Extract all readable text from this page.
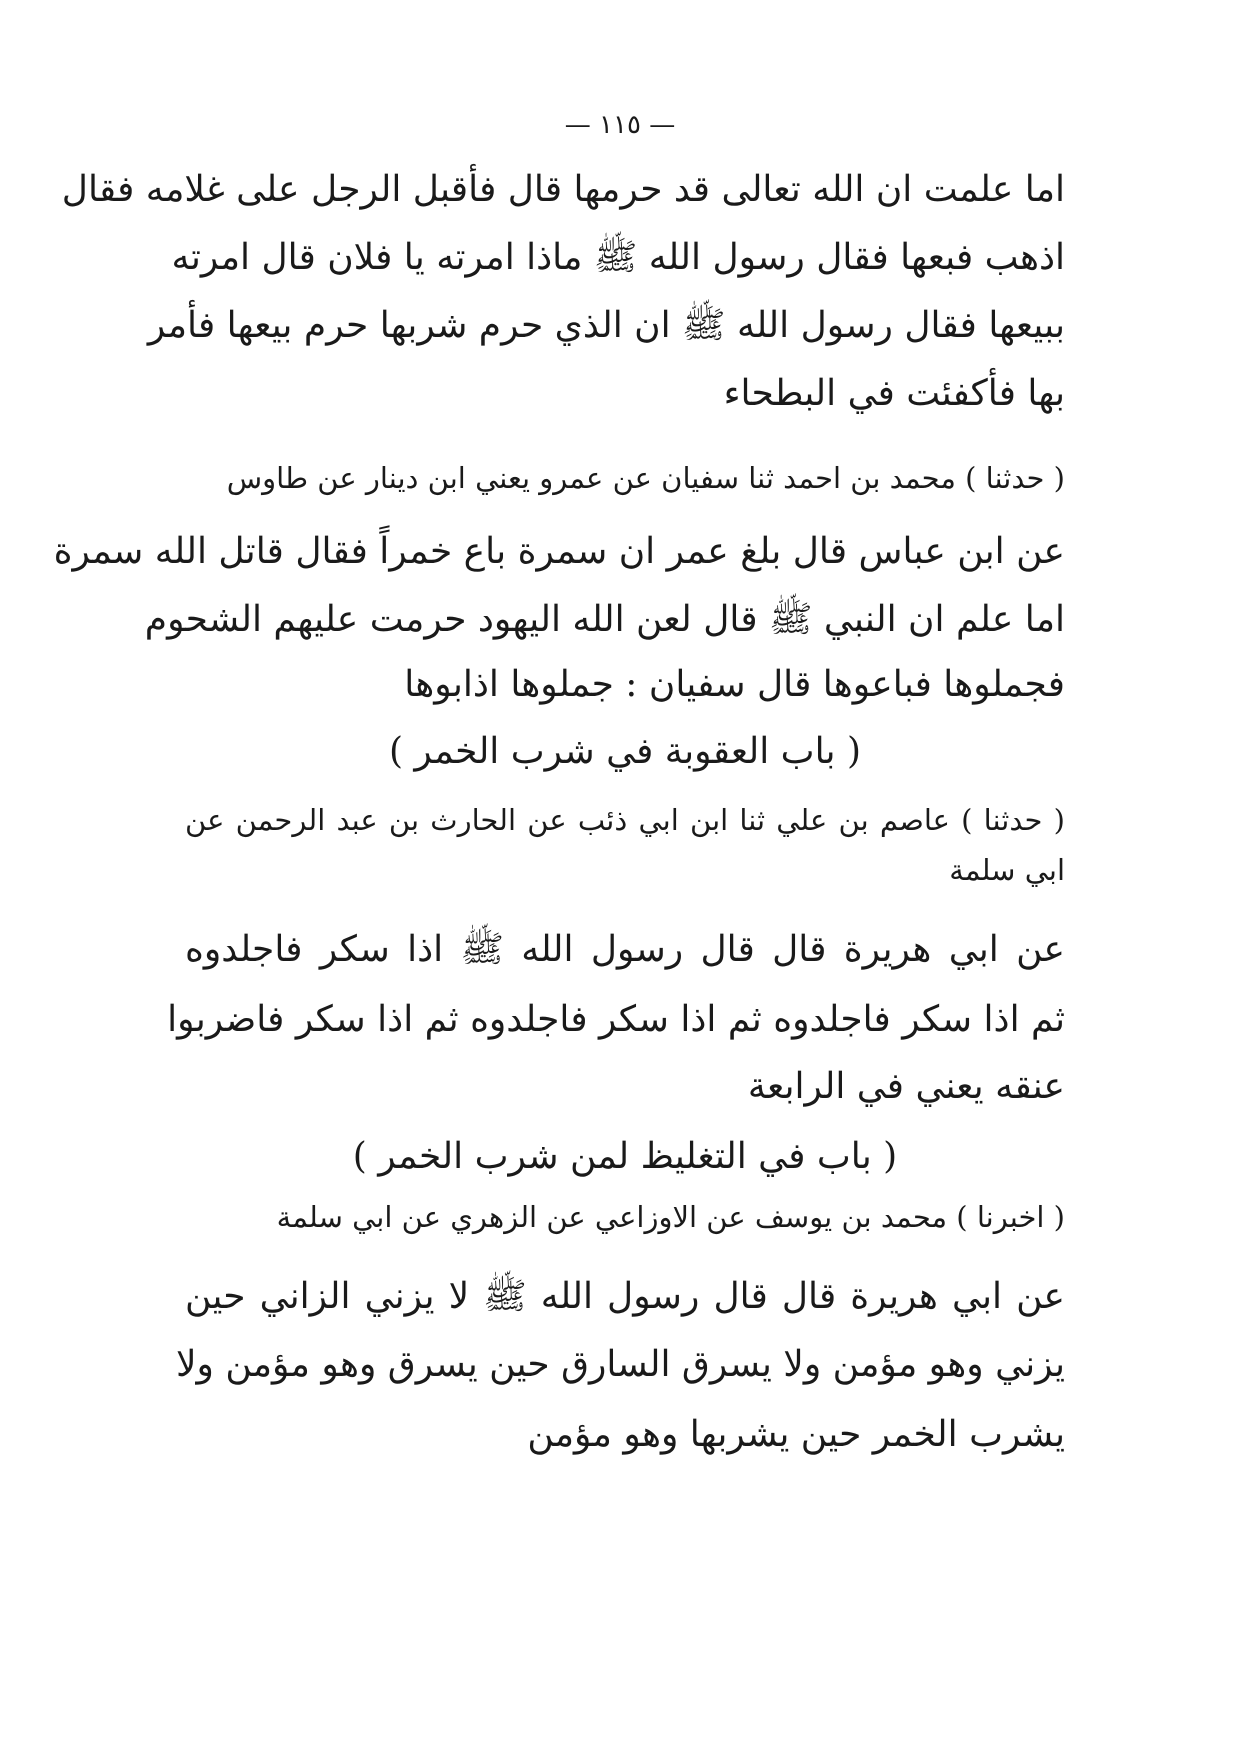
— ١١٥ —
اما علمت ان الله تعالى قد حرمها قال فأقبل الرجل على غلامه فقال
اذهب فبعها فقال رسول الله ﷺ ماذا امرته يا فلان قال امرته
ببيعها فقال رسول الله ﷺ ان الذي حرم شربها حرم بيعها فأمر
بها فأكفئت في البطحاء
( حدثنا ) محمد بن احمد ثنا سفيان عن عمرو يعني ابن دينار عن طاوس
عن ابن عباس قال بلغ عمر ان سمرة باع خمراً فقال قاتل الله سمرة
اما علم ان النبي ﷺ قال لعن الله اليهود حرمت عليهم الشحوم
فجملوها فباعوها قال سفيان : جملوها اذابوها
( باب العقوبة في شرب الخمر )
( حدثنا ) عاصم بن علي ثنا ابن ابي ذئب عن الحارث بن عبد الرحمن عن
ابي سلمة
عن ابي هريرة قال قال رسول الله ﷺ اذا سكر فاجلدوه
ثم اذا سكر فاجلدوه ثم اذا سكر فاجلدوه ثم اذا سكر فاضربوا
عنقه يعني في الرابعة
( باب في التغليظ لمن شرب الخمر )
( اخبرنا ) محمد بن يوسف عن الاوزاعي عن الزهري عن ابي سلمة
عن ابي هريرة قال قال رسول الله ﷺ لا يزني الزاني حين
يزني وهو مؤمن ولا يسرق السارق حين يسرق وهو مؤمن ولا
يشرب الخمر حين يشربها وهو مؤمن
